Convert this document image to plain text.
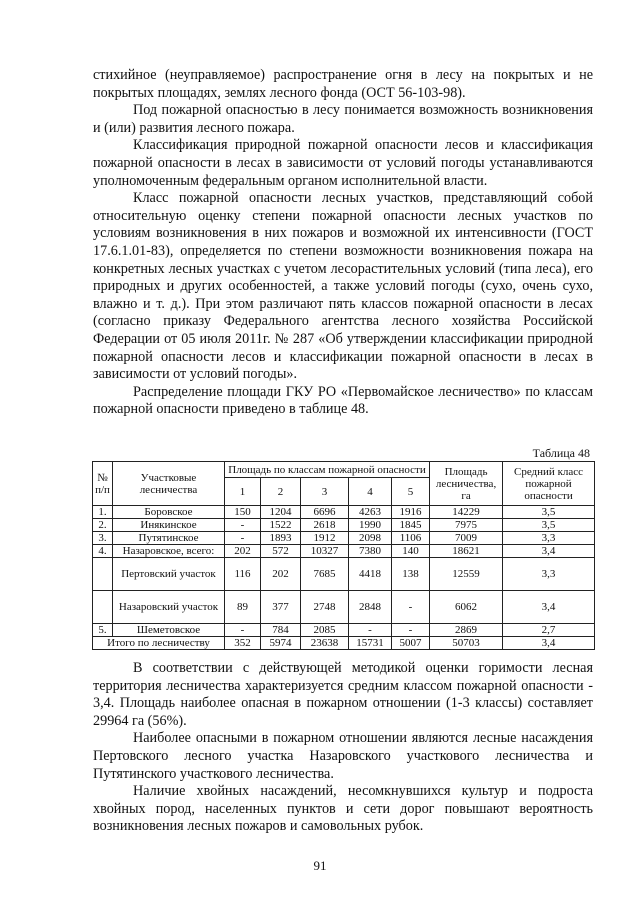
стихийное (неуправляемое) распространение огня в лесу на покрытых и не покрытых площадях, землях лесного фонда (ОСТ 56-103-98).

Под пожарной опасностью в лесу понимается возможность возникновения и (или) развития лесного пожара.

Классификация природной пожарной опасности лесов и классификация пожарной опасности в лесах в зависимости от условий погоды устанавливаются уполномоченным федеральным органом исполнительной власти.

Класс пожарной опасности лесных участков, представляющий собой относительную оценку степени пожарной опасности лесных участков по условиям возникновения в них пожаров и возможной их интенсивности (ГОСТ 17.6.1.01-83), определяется по степени возможности возникновения пожара на конкретных лесных участках с учетом лесорастительных условий (типа леса), его природных и других особенностей, а также условий погоды (сухо, очень сухо, влажно и т. д.). При этом различают пять классов пожарной опасности в лесах (согласно приказу Федерального агентства лесного хозяйства Российской Федерации от 05 июля 2011г. № 287 «Об утверждении классификации природной пожарной опасности лесов и классификации пожарной опасности в лесах в зависимости от условий погоды».

Распределение площади ГКУ РО «Первомайское лесничество» по классам пожарной опасности приведено в таблице 48.

Таблица 48
№ п/п	Участковые лесничества	Площадь по классам пожарной опасности					Площадь лесничества, га	Средний класс пожарной опасности
		1	2	3	4	5		
1.	Боровское	150	1204	6696	4263	1916	14229	3,5
2.	Инякинское	-	1522	2618	1990	1845	7975	3,5
3.	Путятинское	-	1893	1912	2098	1106	7009	3,3
4.	Назаровское, всего:	202	572	10327	7380	140	18621	3,4
	Пертовский участок	116	202	7685	4418	138	12559	3,3
	Назаровский участок	89	377	2748	2848	-	6062	3,4
5.	Шеметовское	-	784	2085	-	-	2869	2,7
Итого по лесничеству		352	5974	23638	15731	5007	50703	3,4

В соответствии с действующей методикой оценки горимости лесная территория лесничества характеризуется средним классом пожарной опасности - 3,4. Площадь наиболее опасная в пожарном отношении (1-3 классы) составляет 29964 га (56%).

Наиболее опасными в пожарном отношении являются лесные насаждения Пертовского лесного участка Назаровского участкового лесничества и Путятинского участкового лесничества.

Наличие хвойных насаждений, несомкнувшихся культур и подроста хвойных пород, населенных пунктов и сети дорог повышают вероятность возникновения лесных пожаров и самовольных рубок.

91
